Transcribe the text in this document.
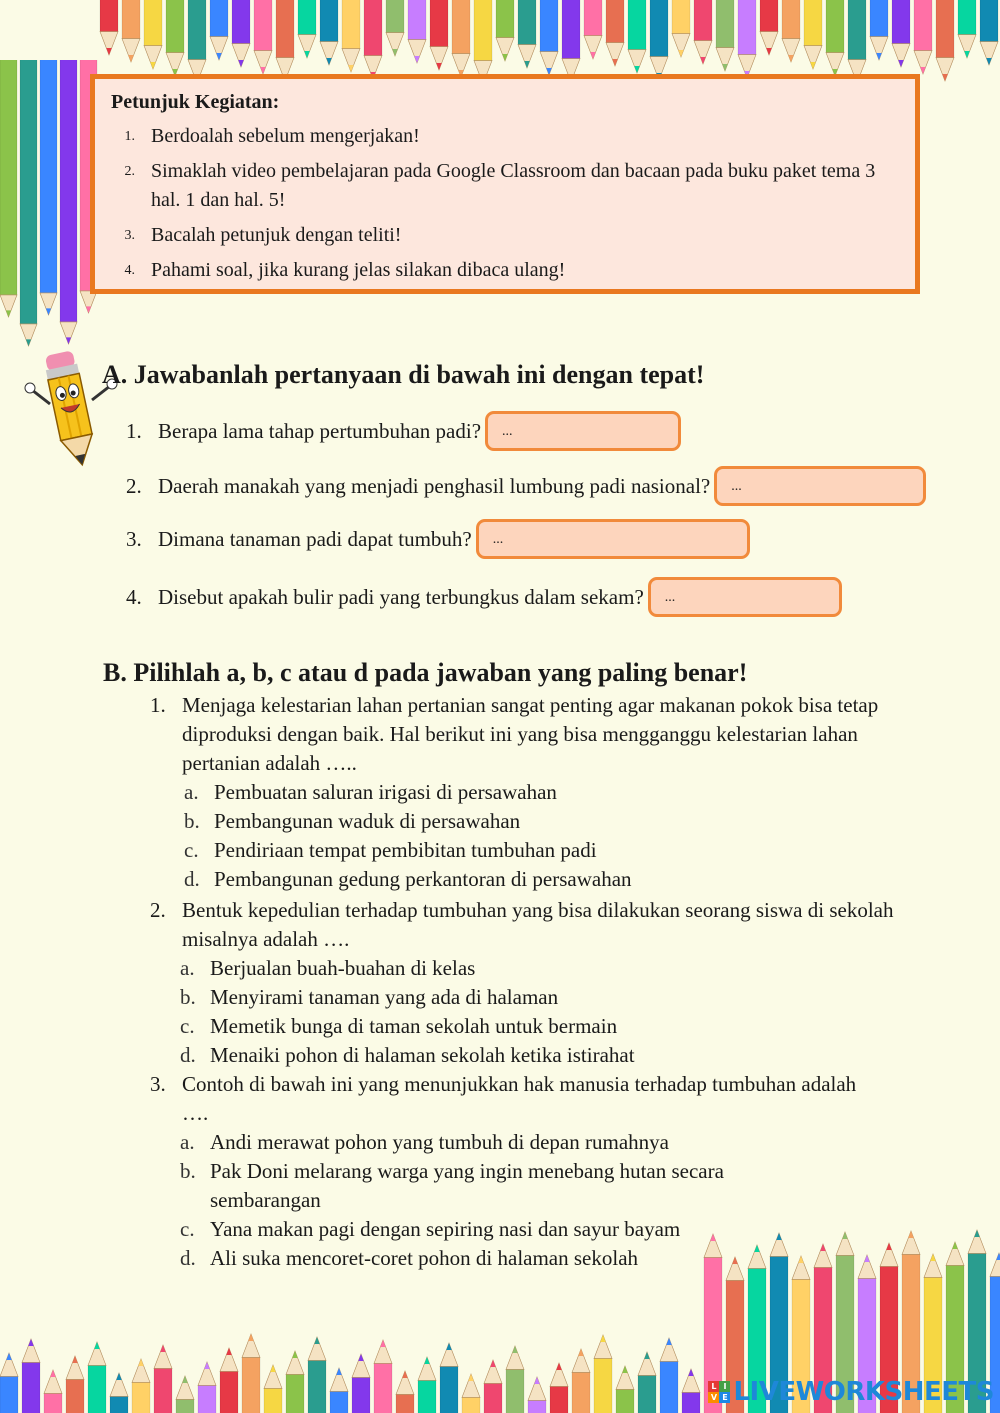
Petunjuk Kegiatan:
1. Berdoalah sebelum mengerjakan!
2. Simaklah video pembelajaran pada Google Classroom dan bacaan pada buku paket tema 3 hal. 1 dan hal. 5!
3. Bacalah petunjuk dengan teliti!
4. Pahami soal, jika kurang jelas silakan dibaca ulang!
A. Jawabanlah pertanyaan di bawah ini dengan tepat!
1. Berapa lama tahap pertumbuhan padi?	...
2. Daerah manakah yang menjadi penghasil lumbung padi nasional?	...
3. Dimana tanaman padi dapat tumbuh?	...
4. Disebut apakah bulir padi yang terbungkus dalam sekam?	...
B. Pilihlah a, b, c atau d pada jawaban yang paling benar!
1. Menjaga kelestarian lahan pertanian sangat penting agar makanan pokok bisa tetap diproduksi dengan baik. Hal berikut ini yang bisa mengganggu kelestarian lahan pertanian adalah …..
a. Pembuatan saluran irigasi di persawahan
b. Pembangunan waduk di persawahan
c. Pendiriaan tempat pembibitan tumbuhan padi
d. Pembangunan gedung perkantoran di persawahan
2. Bentuk kepedulian terhadap tumbuhan yang bisa dilakukan seorang siswa di sekolah misalnya adalah ….
a. Berjualan buah-buahan di kelas
b. Menyirami tanaman yang ada di halaman
c. Memetik bunga di taman sekolah untuk bermain
d. Menaiki pohon di halaman sekolah ketika istirahat
3. Contoh di bawah ini yang menunjukkan hak manusia terhadap tumbuhan adalah ….
a. Andi merawat pohon yang tumbuh di depan rumahnya
b. Pak Doni melarang warga yang ingin menebang hutan secara sembarangan
c. Yana makan pagi dengan sepiring nasi dan sayur bayam
d. Ali suka mencoret-coret pohon di halaman sekolah
L I
V E LIVEWORKSHEETS
